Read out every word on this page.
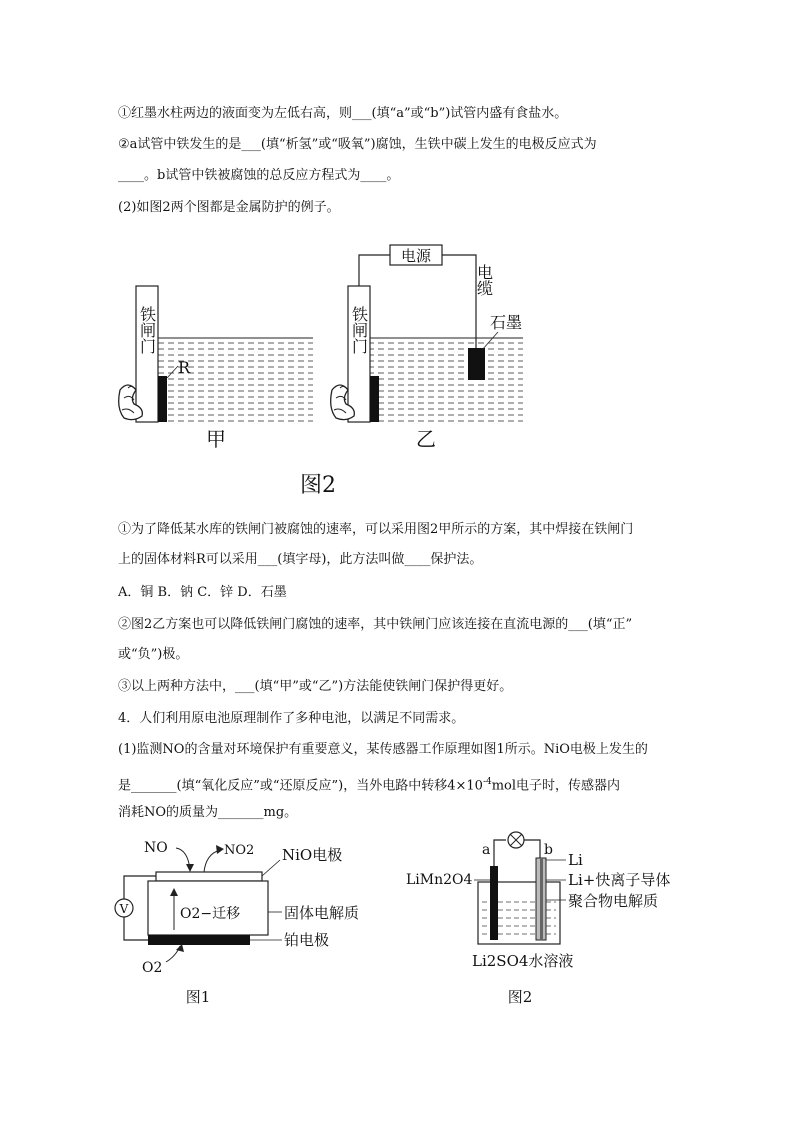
①红墨水柱两边的液面变为左低右高，则___(填“a”或“b”)试管内盛有食盐水。
②a试管中铁发生的是___(填“析氢”或“吸氧”)腐蚀，生铁中碳上发生的电极反应式为
____。b试管中铁被腐蚀的总反应方程式为____。
(2)如图2两个图都是金属防护的例子。
铁闸门
R
甲
铁闸门
电源
电缆
石墨
乙
图2
①为了降低某水库的铁闸门被腐蚀的速率，可以采用图2甲所示的方案，其中焊接在铁闸门
上的固体材料R可以采用___(填字母)，此方法叫做____保护法。
A．铜 B．钠 C．锌 D．石墨
②图2乙方案也可以降低铁闸门腐蚀的速率，其中铁闸门应该连接在直流电源的___(填“正”
或“负”)极。
③以上两种方法中，___(填“甲”或“乙”)方法能使铁闸门保护得更好。
4．人们利用原电池原理制作了多种电池，以满足不同需求。
(1)监测NO的含量对环境保护有重要意义，某传感器工作原理如图1所示。NiO电极上发生的
是_______(填“氧化反应”或“还原反应”)，当外电路中转移$4\times 10^{-4}mol$电子时，传感器内
消耗NO的质量为_______mg。
NO	NO2 NiO电极
固体电解质
O2−迁移
铂电极
V
O2
图1
a	b
LiMn2O4
Li
Li+快离子导体
聚合物电解质
Li2SO4水溶液
图2
